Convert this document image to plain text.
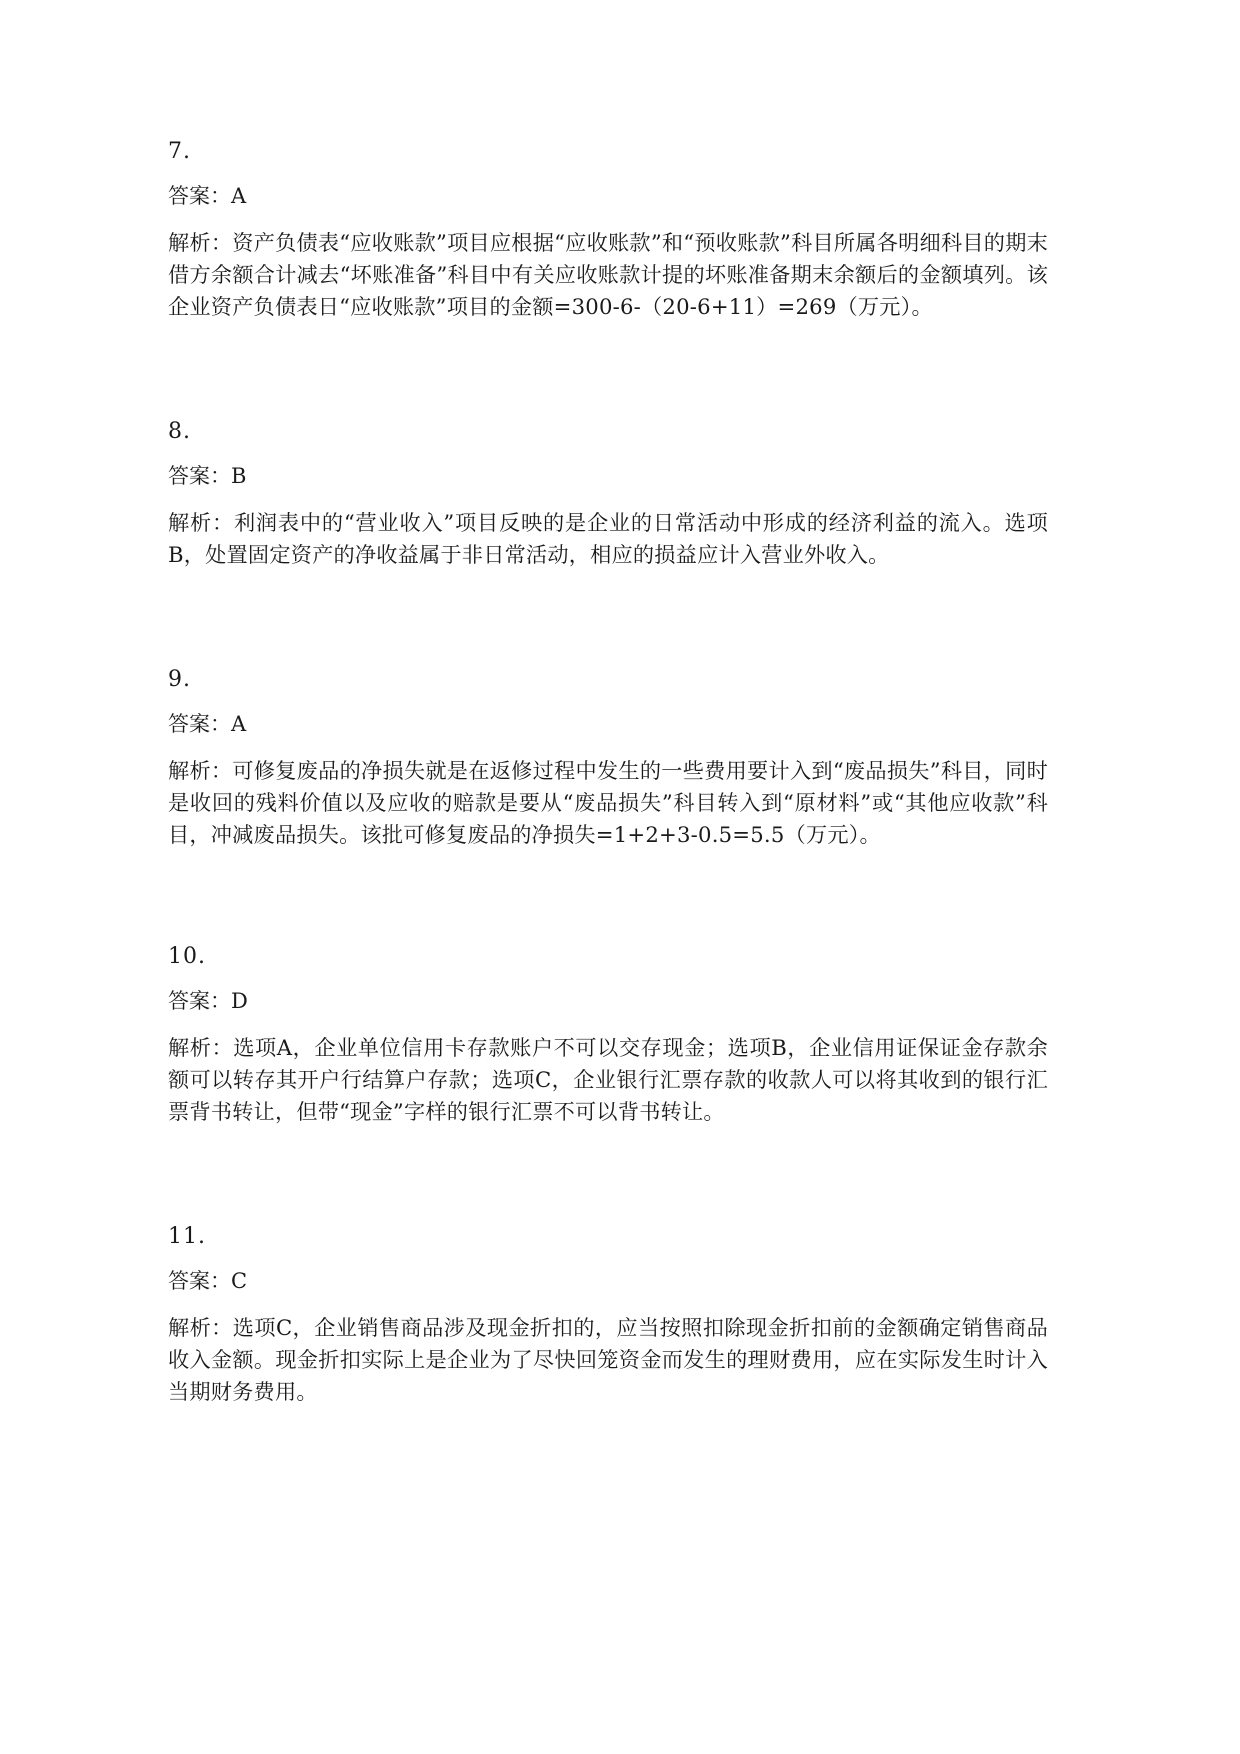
7.
答案：A
解析：资产负债表“应收账款”项目应根据“应收账款”和“预收账款”科目所属各明细科目的期末借方余额合计减去“坏账准备”科目中有关应收账款计提的坏账准备期末余额后的金额填列。该企业资产负债表日“应收账款”项目的金额=300-6-（20-6+11）=269（万元）。
8.
答案：B
解析：利润表中的“营业收入”项目反映的是企业的日常活动中形成的经济利益的流入。选项B，处置固定资产的净收益属于非日常活动，相应的损益应计入营业外收入。
9.
答案：A
解析：可修复废品的净损失就是在返修过程中发生的一些费用要计入到“废品损失”科目，同时是收回的残料价值以及应收的赔款是要从“废品损失”科目转入到“原材料”或“其他应收款”科目，冲减废品损失。该批可修复废品的净损失=1+2+3-0.5=5.5（万元）。
10.
答案：D
解析：选项A，企业单位信用卡存款账户不可以交存现金；选项B，企业信用证保证金存款余额可以转存其开户行结算户存款；选项C，企业银行汇票存款的收款人可以将其收到的银行汇票背书转让，但带“现金”字样的银行汇票不可以背书转让。
11.
答案：C
解析：选项C，企业销售商品涉及现金折扣的，应当按照扣除现金折扣前的金额确定销售商品收入金额。现金折扣实际上是企业为了尽快回笼资金而发生的理财费用，应在实际发生时计入当期财务费用。
